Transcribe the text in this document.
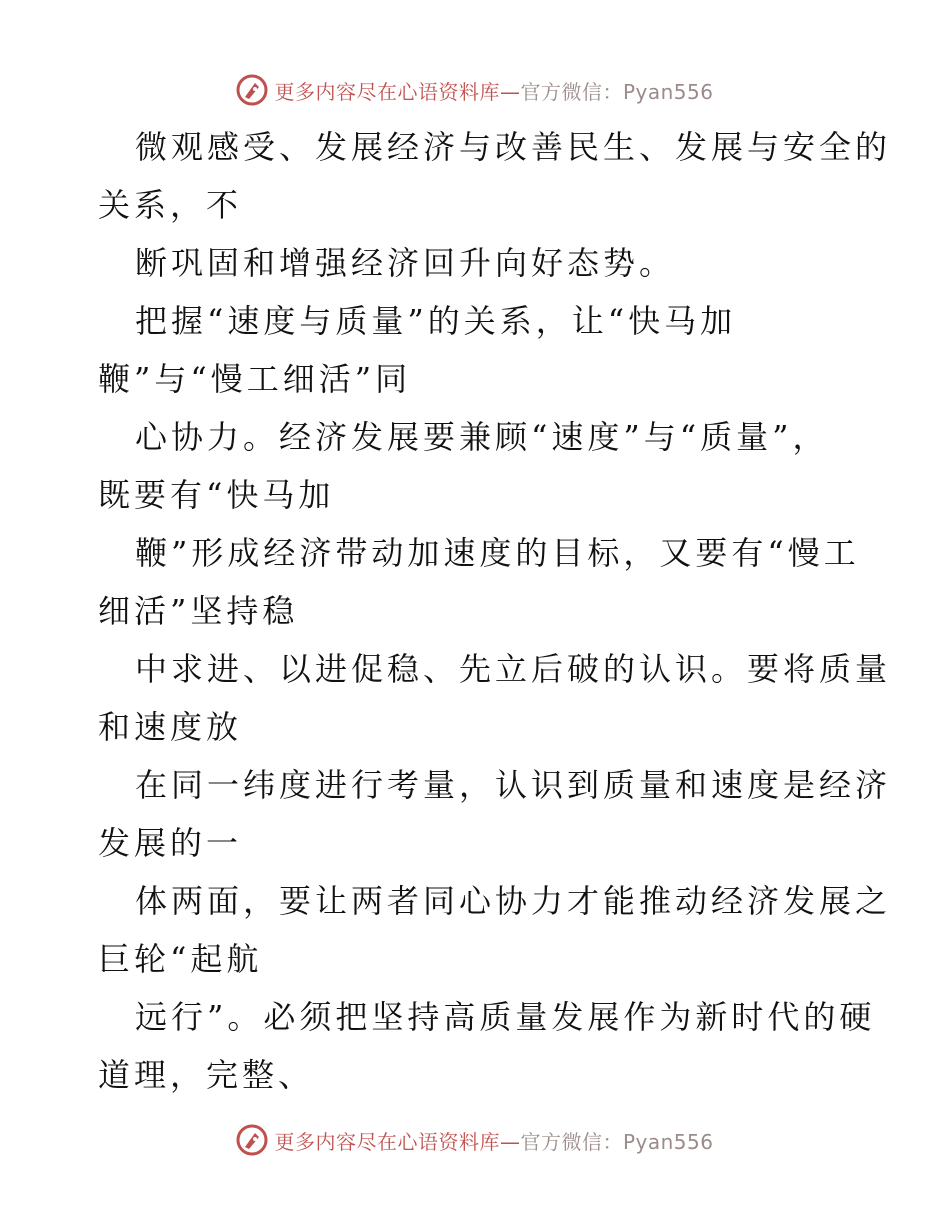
更多内容尽在心语资料库—官方微信：Pyan556
微观感受、发展经济与改善民生、发展与安全的
关系，不
断巩固和增强经济回升向好态势。
把握“速度与质量”的关系，让“快马加
鞭”与“慢工细活”同
心协力。经济发展要兼顾“速度”与“质量”，
既要有“快马加
鞭”形成经济带动加速度的目标，又要有“慢工
细活”坚持稳
中求进、以进促稳、先立后破的认识。要将质量
和速度放
在同一纬度进行考量，认识到质量和速度是经济
发展的一
体两面，要让两者同心协力才能推动经济发展之
巨轮“起航
远行”。必须把坚持高质量发展作为新时代的硬
道理，完整、
更多内容尽在心语资料库—官方微信：Pyan556
